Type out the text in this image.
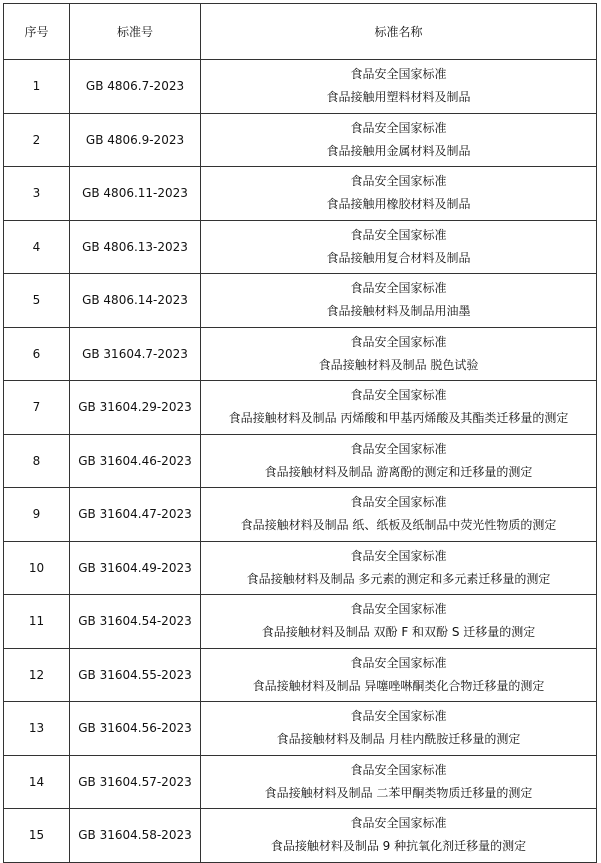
序号	标准号	标准名称
1	GB 4806.7-2023	食品安全国家标准
食品接触用塑料材料及制品

2	GB 4806.9-2023	食品安全国家标准
食品接触用金属材料及制品

3	GB 4806.11-2023	食品安全国家标准
食品接触用橡胶材料及制品

4	GB 4806.13-2023	食品安全国家标准
食品接触用复合材料及制品

5	GB 4806.14-2023	食品安全国家标准
食品接触材料及制品用油墨

6	GB 31604.7-2023	食品安全国家标准
食品接触材料及制品 脱色试验

7	GB 31604.29-2023	食品安全国家标准
食品接触材料及制品 丙烯酸和甲基丙烯酸及其酯类迁移量的测定

8	GB 31604.46-2023	食品安全国家标准
食品接触材料及制品 游离酚的测定和迁移量的测定

9	GB 31604.47-2023	食品安全国家标准
食品接触材料及制品 纸、纸板及纸制品中荧光性物质的测定

10	GB 31604.49-2023	食品安全国家标准
食品接触材料及制品 多元素的测定和多元素迁移量的测定

11	GB 31604.54-2023	食品安全国家标准
食品接触材料及制品 双酚 F 和双酚 S 迁移量的测定

12	GB 31604.55-2023	食品安全国家标准
食品接触材料及制品 异噻唑啉酮类化合物迁移量的测定

13	GB 31604.56-2023	食品安全国家标准
食品接触材料及制品 月桂内酰胺迁移量的测定

14	GB 31604.57-2023	食品安全国家标准
食品接触材料及制品 二苯甲酮类物质迁移量的测定

15	GB 31604.58-2023	食品安全国家标准
食品接触材料及制品 9 种抗氧化剂迁移量的测定
